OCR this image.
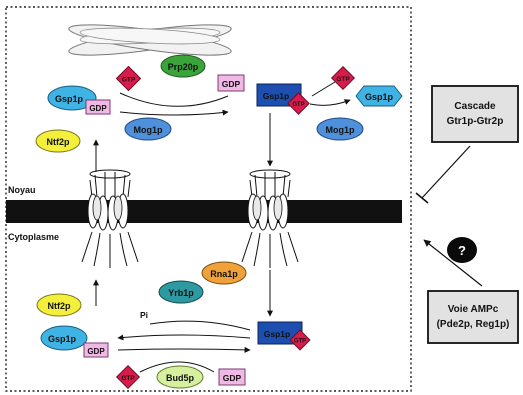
Prp20p
Noyau
Cytoplasme
Gsp1p
GDP
GTP	GDP
Mog1p
Ntf2p
Gsp1p
GTP
GTP
Gsp1p
Mog1p
Ntf2p
Gsp1p
GDP
Yrb1p
Rna1p
Pi
Gsp1p
GTP
GTP	Bud5p	GDP
Cascade
Gtr1p-Gtr2p
?
Voie AMPc
(Pde2p, Reg1p)
